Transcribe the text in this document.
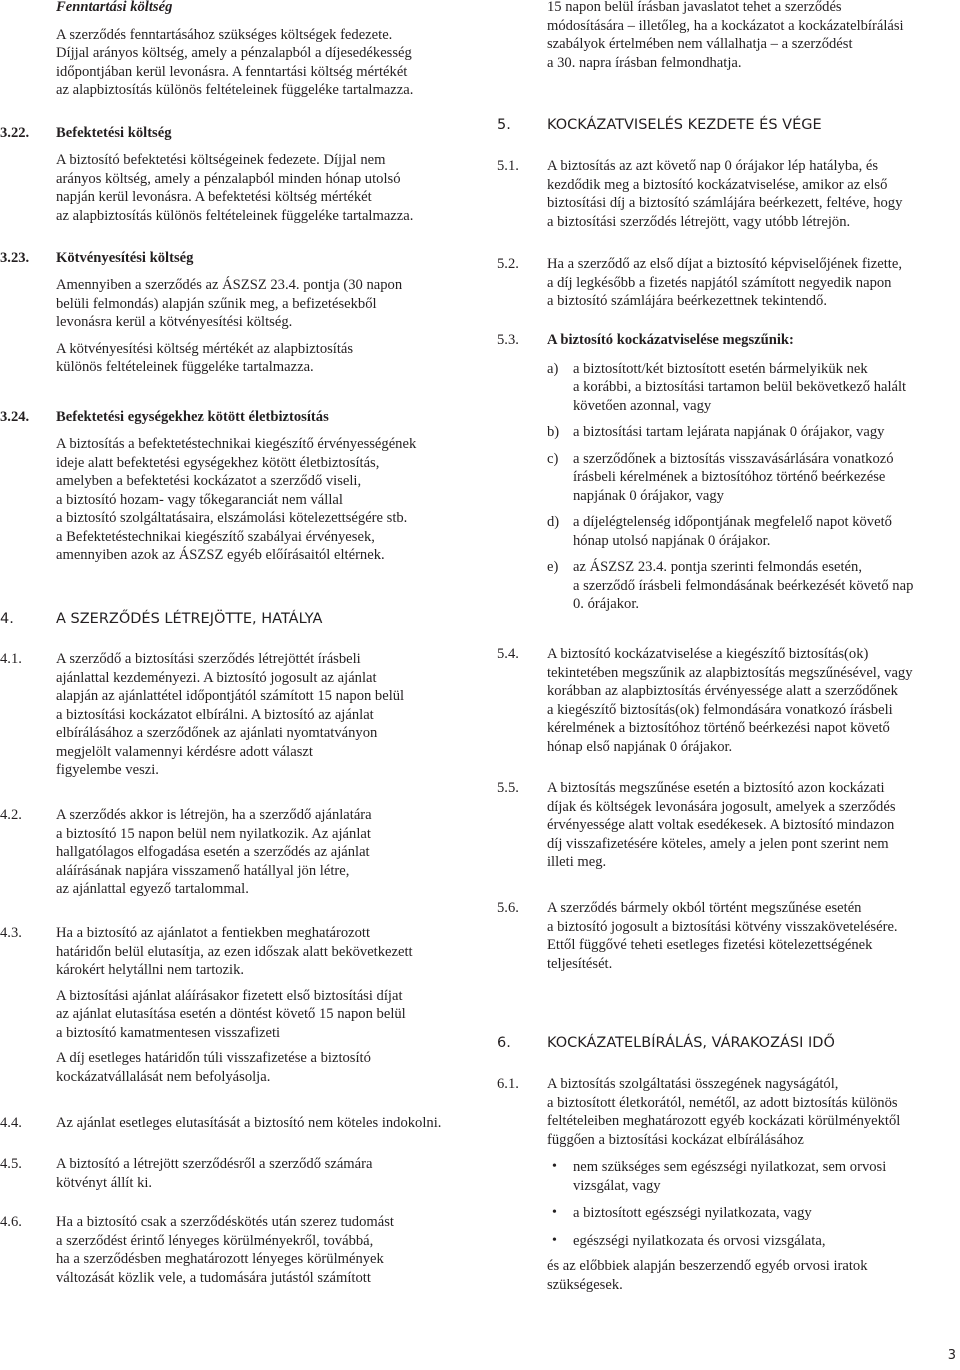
Fenntartási költség
A szerződés fenntartásához szükséges költségek fedezete.
Díjjal arányos költség, amely a pénzalapból a díjesedékesség
időpontjában kerül levonásra. A fenntartási költség mértékét
az alapbiztosítás különös feltételeinek függeléke tartalmazza.
3.22. Befektetési költség
A biztosító befektetési költségeinek fedezete. Díjjal nem
arányos költség, amely a pénzalapból minden hónap utolsó
napján kerül levonásra. A befektetési költség mértékét
az alapbiztosítás különös feltételeinek függeléke tartalmazza.
3.23. Kötvényesítési költség
Amennyiben a szerződés az ÁSZSZ 23.4. pontja (30 napon
belüli felmondás) alapján szűnik meg, a befizetésekből
levonásra kerül a kötvényesítési költség.
A kötvényesítési költség mértékét az alapbiztosítás
különös feltételeinek függeléke tartalmazza.
3.24. Befektetési egységekhez kötött életbiztosítás
A biztosítás a befektetéstechnikai kiegészítő érvényességének
ideje alatt befektetési egységekhez kötött életbiztosítás,
amelyben a befektetési kockázatot a szerződő viseli,
a biztosító hozam- vagy tőkegaranciát nem vállal
a biztosító szolgáltatásaira, elszámolási kötelezettségére stb.
a Befektetéstechnikai kiegészítő szabályai érvényesek,
amennyiben azok az ÁSZSZ egyéb előírásaitól eltérnek.
4.	A SZERZŐDÉS LÉTREJÖTTE, HATÁLYA
4.1. A szerződő a biztosítási szerződés létrejöttét írásbeli
ajánlattal kezdeményezi. A biztosító jogosult az ajánlat
alapján az ajánlattétel időpontjától számított 15 napon belül
a biztosítási kockázatot elbírálni. A biztosító az ajánlat
elbírálásához a szerződőnek az ajánlati nyomtatványon
megjelölt valamennyi kérdésre adott választ
figyelembe veszi.
4.2. A szerződés akkor is létrejön, ha a szerződő ajánlatára
a biztosító 15 napon belül nem nyilatkozik. Az ajánlat
hallgatólagos elfogadása esetén a szerződés az ajánlat
aláírásának napjára visszamenő hatállyal jön létre,
az ajánlattal egyező tartalommal.
4.3. Ha a biztosító az ajánlatot a fentiekben meghatározott
határidőn belül elutasítja, az ezen időszak alatt bekövetkezett
károkért helytállni nem tartozik.
A biztosítási ajánlat aláírásakor fizetett első biztosítási díjat
az ajánlat elutasítása esetén a döntést követő 15 napon belül
a biztosító kamatmentesen visszafizeti
A díj esetleges határidőn túli visszafizetése a biztosító
kockázatvállalását nem befolyásolja.
4.4. Az ajánlat esetleges elutasítását a biztosító nem köteles indokolni.
4.5. A biztosító a létrejött szerződésről a szerződő számára
kötvényt állít ki.
4.6. Ha a biztosító csak a szerződéskötés után szerez tudomást
a szerződést érintő lényeges körülményekről, továbbá,
ha a szerződésben meghatározott lényeges körülmények
változását közlik vele, a tudomására jutástól számított
15 napon belül írásban javaslatot tehet a szerződés
módosítására – illetőleg, ha a kockázatot a kockázatelbírálási
szabályok értelmében nem vállalhatja – a szerződést
a 30. napra írásban felmondhatja.
5. KOCKÁZATVISELÉS KEZDETE ÉS VÉGE
5.1. A biztosítás az azt követő nap 0 órájakor lép hatályba, és
kezdődik meg a biztosító kockázatviselése, amikor az első
biztosítási díj a biztosító számlájára beérkezett, feltéve, hogy
a biztosítási szerződés létrejött, vagy utóbb létrejön.
5.2. Ha a szerződő az első díjat a biztosító képviselőjének fizette,
a díj legkésőbb a fizetés napjától számított negyedik napon
a biztosító számlájára beérkezettnek tekintendő.
5.3. A biztosító kockázatviselése megszűnik:
a) a biztosított/két biztosított esetén bármelyikük nek
a korábbi, a biztosítási tartamon belül bekövetkező halált
követően azonnal, vagy
b) a biztosítási tartam lejárata napjának 0 órájakor, vagy
c) a szerződőnek a biztosítás visszavásárlására vonatkozó
írásbeli kérelmének a biztosítóhoz történő beérkezése
napjának 0 órájakor, vagy
d) a díjelégtelenség időpontjának megfelelő napot követő
hónap utolsó napjának 0 órájakor.
e) az ÁSZSZ 23.4. pontja szerinti felmondás esetén,
a szerződő írásbeli felmondásának beérkezését követő nap
0. órájakor.
5.4. A biztosító kockázatviselése a kiegészítő biztosítás(ok)
tekintetében megszűnik az alapbiztosítás megszűnésével, vagy
korábban az alapbiztosítás érvényessége alatt a szerződőnek
a kiegészítő biztosítás(ok) felmondására vonatkozó írásbeli
kérelmének a biztosítóhoz történő beérkezési napot követő
hónap első napjának 0 órájakor.
5.5. A biztosítás megszűnése esetén a biztosító azon kockázati
díjak és költségek levonására jogosult, amelyek a szerződés
érvényessége alatt voltak esedékesek. A biztosító mindazon
díj visszafizetésére köteles, amely a jelen pont szerint nem
illeti meg.
5.6. A szerződés bármely okból történt megszűnése esetén
a biztosító jogosult a biztosítási kötvény visszakövetelésére.
Ettől függővé teheti esetleges fizetési kötelezettségének
teljesítését.
6. KOCKÁZATELBÍRÁLÁS, VÁRAKOZÁSI IDŐ
6.1. A biztosítás szolgáltatási összegének nagyságától,
a biztosított életkorától, nemétől, az adott biztosítás különös
feltételeiben meghatározott egyéb kockázati körülményektől
függően a biztosítási kockázat elbírálásához
• nem szükséges sem egészségi nyilatkozat, sem orvosi
vizsgálat, vagy
• a biztosított egészségi nyilatkozata, vagy
• egészségi nyilatkozata és orvosi vizsgálata,
és az előbbiek alapján beszerzendő egyéb orvosi iratok
szükségesek.
3
